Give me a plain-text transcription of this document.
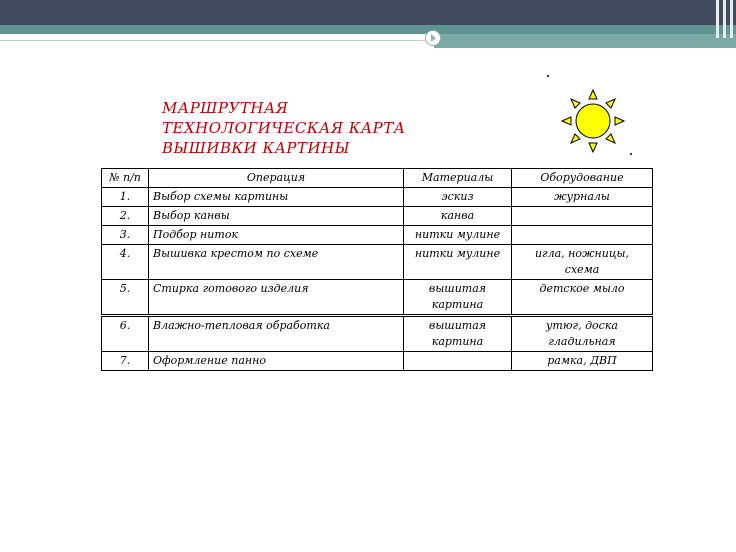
МАРШРУТНАЯ
ТЕХНОЛОГИЧЕСКАЯ КАРТА
ВЫШИВКИ КАРТИНЫ
№ п/п	Операция	Материалы	Оборудование
1.	Выбор схемы картины	эскиз	журналы
2.	Выбор канвы	канва	
3.	Подбор ниток	нитки мулине	
4.	Вышивка крестом по схеме	нитки мулине	игла, ножницы, схема
5.	Стирка готового изделия	вышитая картина	детское мыло
6.	Влажно-тепловая обработка	вышитая картина	утюг, доска гладильная
7.	Оформление панно		рамка, ДВП
